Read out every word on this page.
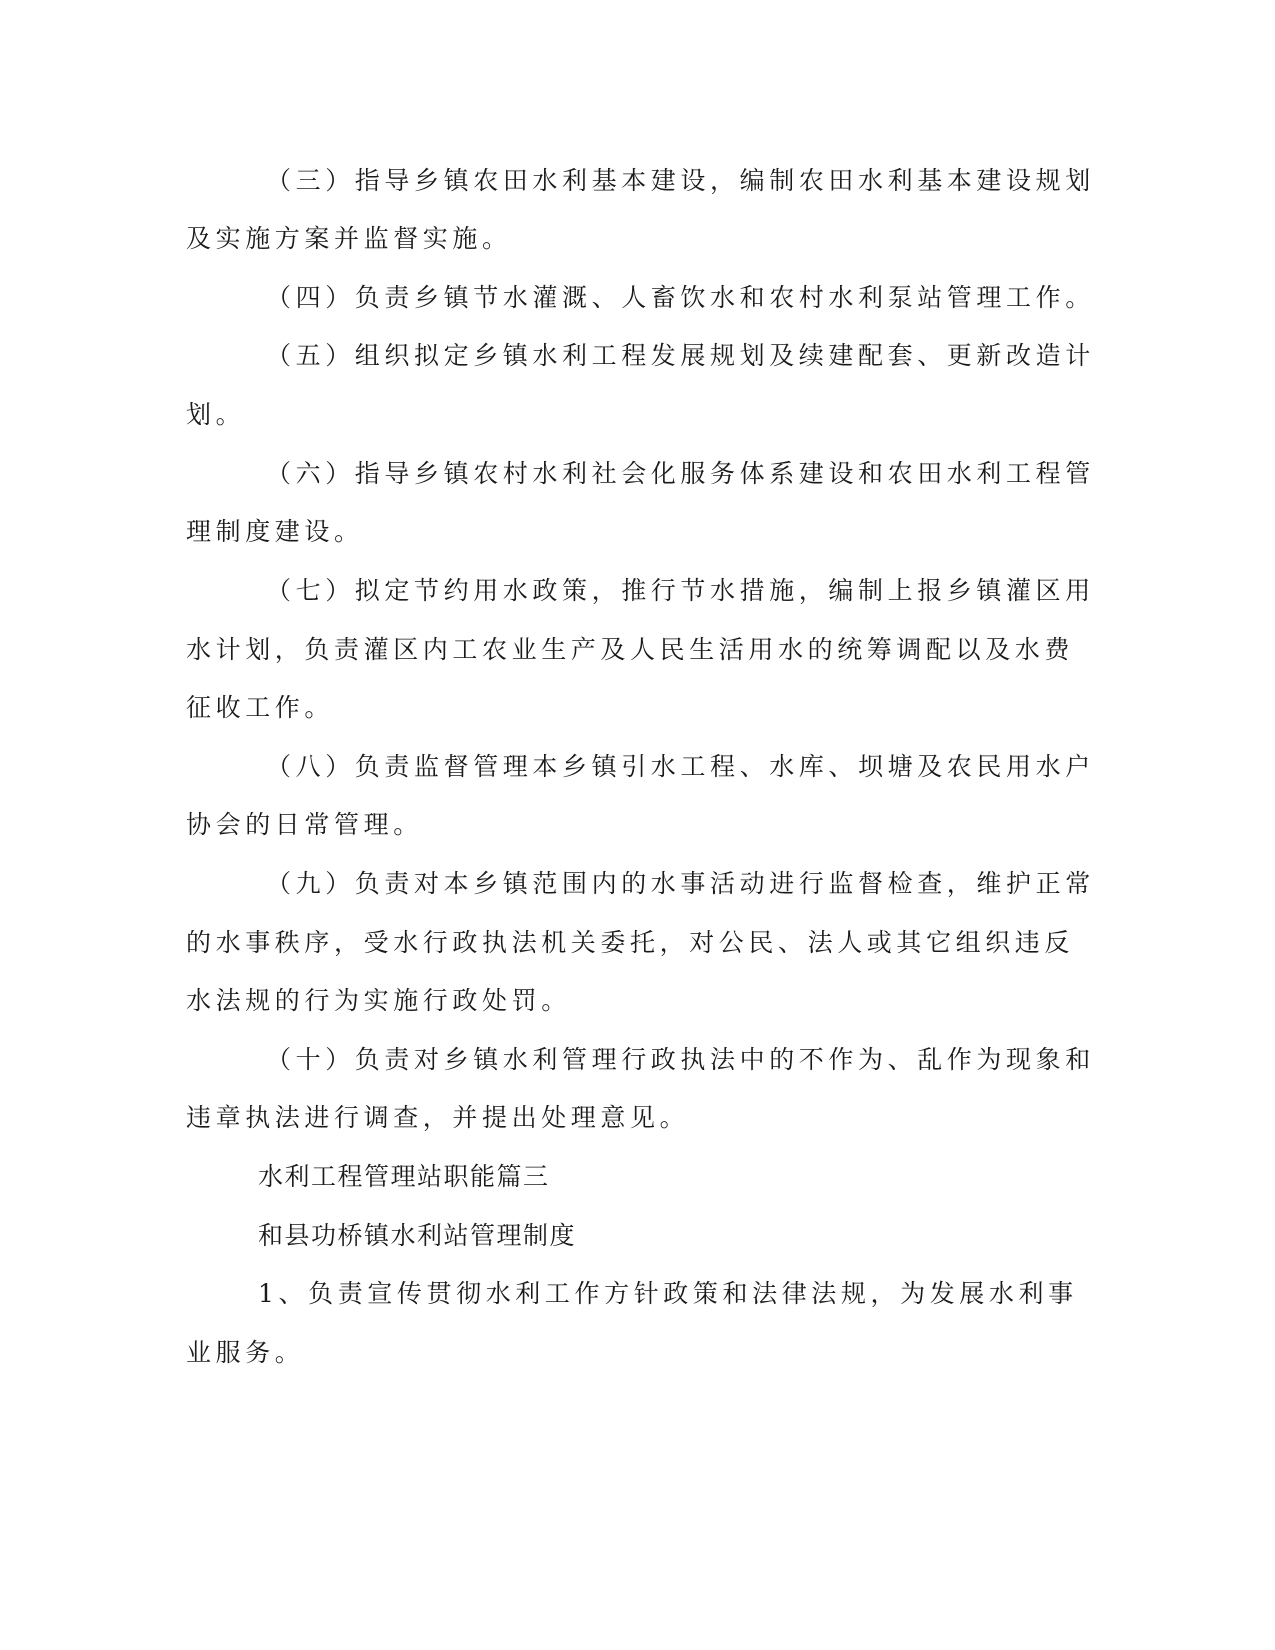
（三）指导乡镇农田水利基本建设，编制农田水利基本建设规划
及实施方案并监督实施。
（四）负责乡镇节水灌溉、人畜饮水和农村水利泵站管理工作。
（五）组织拟定乡镇水利工程发展规划及续建配套、更新改造计
划。
（六）指导乡镇农村水利社会化服务体系建设和农田水利工程管
理制度建设。
（七）拟定节约用水政策，推行节水措施，编制上报乡镇灌区用
水计划，负责灌区内工农业生产及人民生活用水的统筹调配以及水费
征收工作。
（八）负责监督管理本乡镇引水工程、水库、坝塘及农民用水户
协会的日常管理。
（九）负责对本乡镇范围内的水事活动进行监督检查，维护正常
的水事秩序，受水行政执法机关委托，对公民、法人或其它组织违反
水法规的行为实施行政处罚。
（十）负责对乡镇水利管理行政执法中的不作为、乱作为现象和
违章执法进行调查，并提出处理意见。
水利工程管理站职能篇三
和县功桥镇水利站管理制度
1、负责宣传贯彻水利工作方针政策和法律法规，为发展水利事
业服务。
